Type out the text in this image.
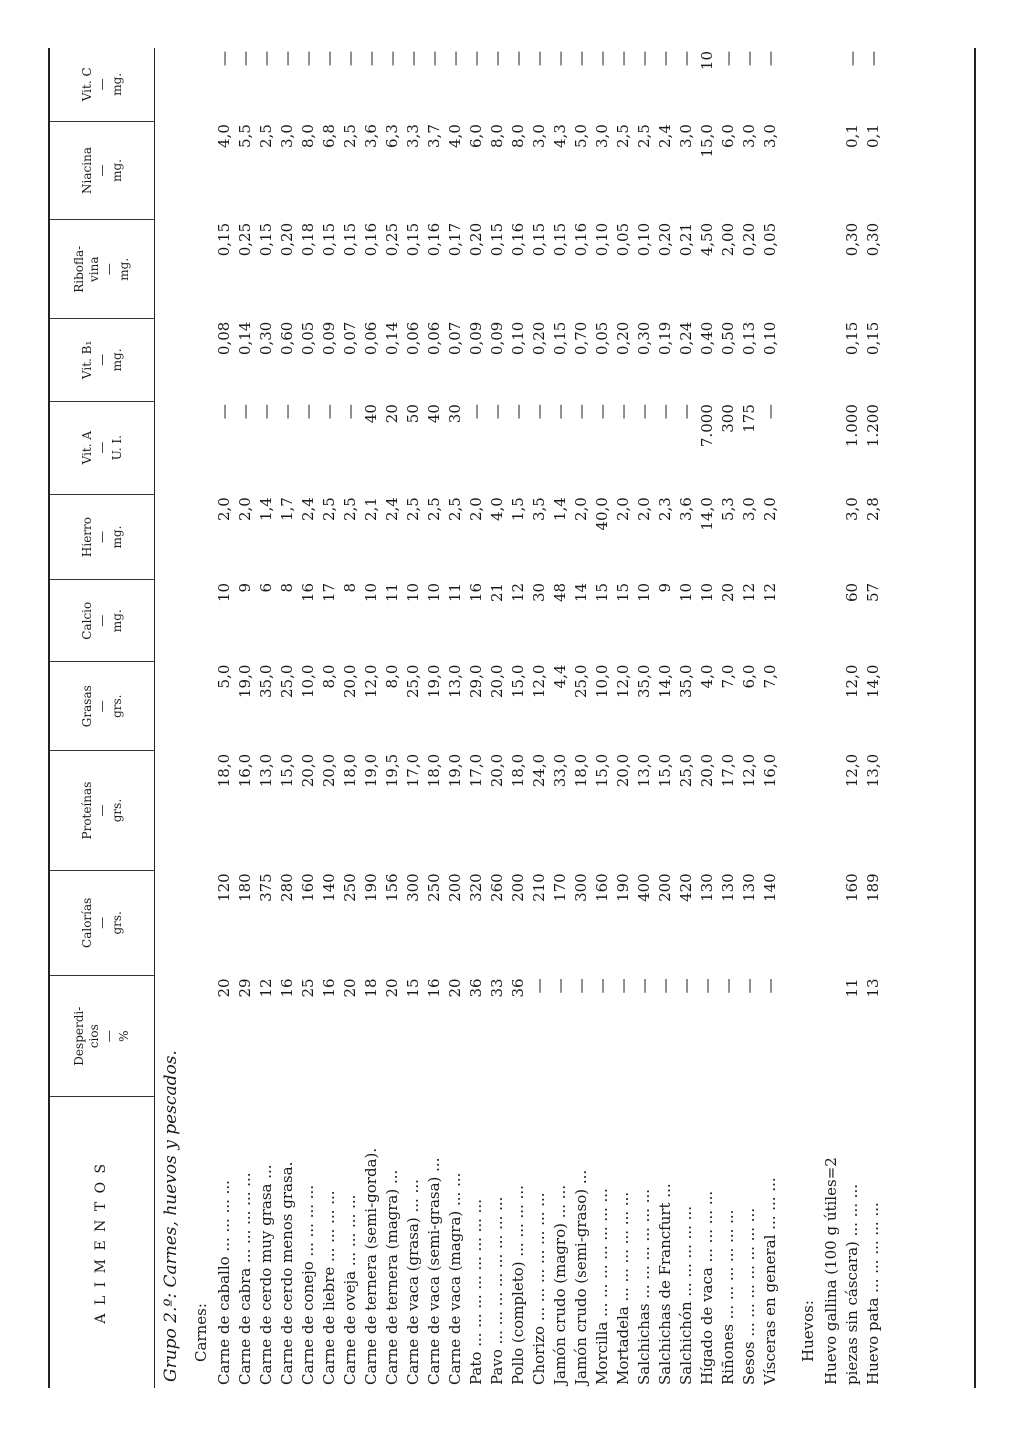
A L I M E N T O S	Desperdi- cios — %	Calorías — grs.	Proteínas — grs.	Grasas — grs.	Calcio — mg.	Hierro — mg.	Vit. A — U. I.	Vit. B₁ — mg.	Ribofla- vina — mg.	Niacina — mg.	Vit. C — mg.

Grupo 2.º: Carnes, huevos y pescados.											
Carnes:											
Carne de caballo ... ... ... ...	20	120	18,0	5,0	10	2,0	—	0,08	0,15	4,0	—
Carne de cabra ... ... ... ... ...	29	180	16,0	19,0	9	2,0	—	0,14	0,25	5,5	—
Carne de cerdo muy grasa ...	12	375	13,0	35,0	6	1,4	—	0,30	0,15	2,5	—
Carne de cerdo menos grasa.	16	280	15,0	25,0	8	1,7	—	0,60	0,20	3,0	—
Carne de conejo ... ... ... ...	25	160	20,0	10,0	16	2,4	—	0,05	0,18	8,0	—
Carne de liebre ... ... ... ...	16	140	20,0	8,0	17	2,5	—	0,09	0,15	6,8	—
Carne de oveja ... ... ... ...	20	250	18,0	20,0	8	2,5	—	0,07	0,15	2,5	—
Carne de ternera (semi-gorda).	18	190	19,0	12,0	10	2,1	40	0,06	0,16	3,6	—
Carne de ternera (magra) ...	20	156	19,5	8,0	11	2,4	20	0,14	0,25	6,3	—
Carne de vaca (grasa) ... ...	15	300	17,0	25,0	10	2,5	50	0,06	0,15	3,3	—
Carne de vaca (semi-grasa) ...	16	250	18,0	19,0	10	2,5	40	0,06	0,16	3,7	—
Carne de vaca (magra) ... ...	20	200	19,0	13,0	11	2,5	30	0,07	0,17	4,0	—
Pato ... ... ... ... ... ... ... ...	36	320	17,0	29,0	16	2,0	—	0,09	0,20	6,0	—
Pavo ... ... ... ... ... ... ... ...	33	260	20,0	20,0	21	4,0	—	0,09	0,15	8,0	—
Pollo (completo) ... ... ... ...	36	200	18,0	15,0	12	1,5	—	0,10	0,16	8,0	—
Chorizo ... ... ... ... ... ... ...	—	210	24,0	12,0	30	3,5	—	0,20	0,15	3,0	—
Jamón crudo (magro) ... ...	—	170	33,0	4,4	48	1,4	—	0,15	0,15	4,3	—
Jamón crudo (semi-graso) ...	—	300	18,0	25,0	14	2,0	—	0,70	0,16	5,0	—
Morcilla ... ... ... ... ... ... ...	—	160	15,0	10,0	15	40,0	—	0,05	0,10	3,0	—
Mortadela ... ... ... ... ... ...	—	190	20,0	12,0	15	2,0	—	0,20	0,05	2,5	—
Salchichas ... ... ... ... ... ...	—	400	13,0	35,0	10	2,0	—	0,30	0,10	2,5	—
Salchichas de Francfurt ...	—	200	15,0	14,0	9	2,3	—	0,19	0,20	2,4	—
Salchichón ... ... ... ... ...	—	420	25,0	35,0	10	3,6	—	0,24	0,21	3,0	—
Hígado de vaca ... ... ... ...	—	130	20,0	4,0	10	14,0	7.000	0,40	4,50	15,0	10
Riñones ... ... ... ... ... ...	—	130	17,0	7,0	20	5,3	300	0,50	2,00	6,0	—
Sesos ... ... ... ... ... ... ...	—	130	12,0	6,0	12	3,0	175	0,13	0,20	3,0	—
Vísceras en general ... ... ...	—	140	16,0	7,0	12	2,0	—	0,10	0,05	3,0	—

Huevos:											
Huevo gallina (100 g útiles=2											
piezas sin cáscara) ... ... ...	11	160	12,0	12,0	60	3,0	1.000	0,15	0,30	0,1	—
Huevo pata ... ... ... ... ...	13	189	13,0	14,0	57	2,8	1.200	0,15	0,30	0,1	—
